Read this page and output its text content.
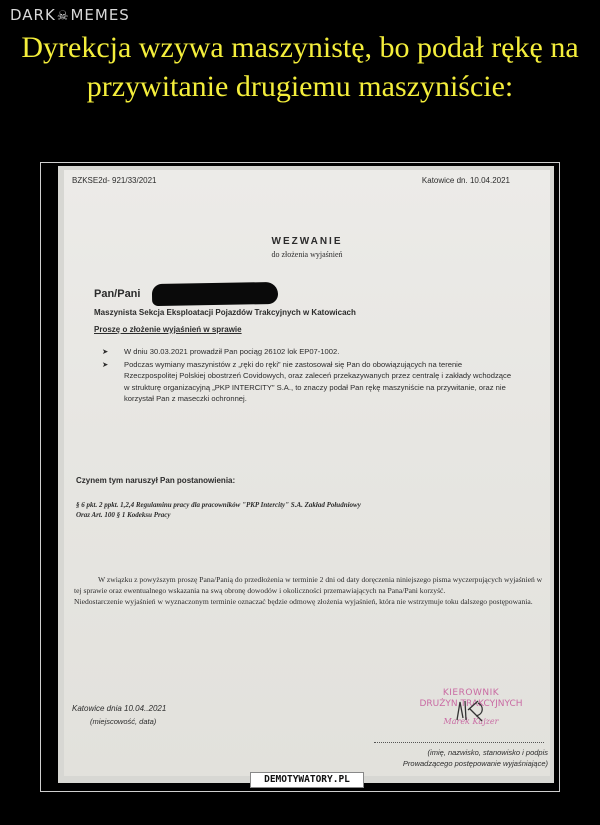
DARK☠MEMES
Dyrekcja wzywa maszynistę, bo podał rękę na przywitanie drugiemu maszyniście:

BZKSE2d- 921/33/2021	Katowice dn. 10.04.2021

WEZWANIE

do złożenia wyjaśnień

Pan/Pani

Maszynista Sekcja Eksploatacji Pojazdów Trakcyjnych w Katowicach

Proszę o złożenie wyjaśnień w sprawie

➤ W dniu 30.03.2021 prowadził Pan pociąg 26102 lok EP07-1002.
➤ Podczas wymiany maszynistów z „ręki do ręki” nie zastosował się Pan do obowiązujących na terenie Rzeczpospolitej Polskiej obostrzeń Covidowych, oraz zaleceń przekazywanych przez centralę i zakłady wchodzące w strukturę organizacyjną „PKP INTERCITY” S.A., to znaczy podał Pan rękę maszyniście na przywitanie, oraz nie korzystał Pan z maseczki ochronnej.

Czynem tym naruszył Pan postanowienia:

§ 6 pkt. 2 ppkt. 1,2,4 Regulaminu pracy dla pracowników "PKP Intercity" S.A. Zakład Południowy
Oraz Art. 100 § 1 Kodeksu Pracy

W związku z powyższym proszę Pana/Panią do przedłożenia w terminie 2 dni od daty doręczenia niniejszego pisma wyczerpujących wyjaśnień w tej sprawie oraz ewentualnego wskazania na swą obronę dowodów i okoliczności przemawiających na Pana/Pani korzyść.

Niedostarczenie wyjaśnień w wyznaczonym terminie oznaczać będzie odmowę złożenia wyjaśnień, która nie wstrzymuje toku dalszego postępowania.

Katowice dnia 10.04..2021

(miejscowość, data)

KIEROWNIK
DRUŻYN TRAKCYJNYCH
Marek Kajzer
(imię, nazwisko, stanowisko i podpis
Prowadzącego postępowanie wyjaśniające)
DEMOTYWATORY.PL
